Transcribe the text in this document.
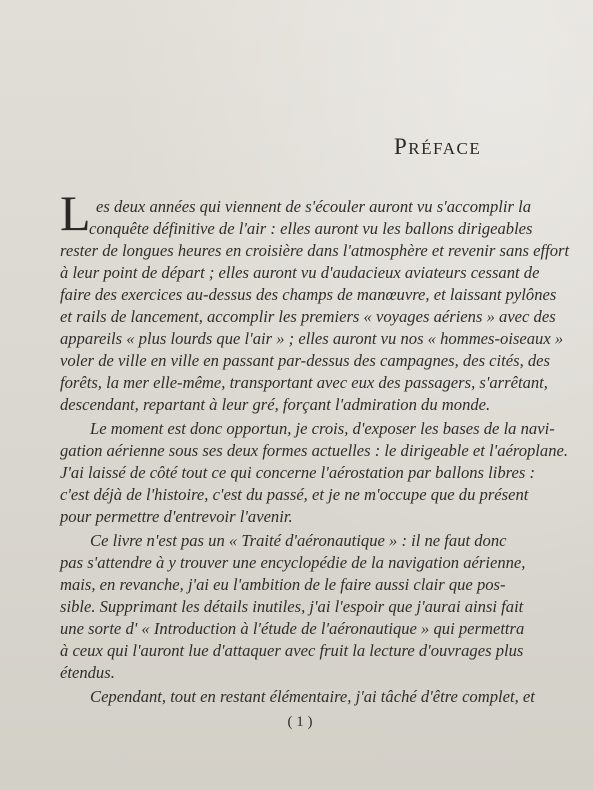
PRÉFACE
L es deux années qui viennent de s'écouler auront vu s'accomplir la
conquête définitive de l'air : elles auront vu les ballons dirigeables
rester de longues heures en croisière dans l'atmosphère et revenir sans effort
à leur point de départ ; elles auront vu d'audacieux aviateurs cessant de
faire des exercices au-dessus des champs de manœuvre, et laissant pylônes
et rails de lancement, accomplir les premiers « voyages aériens » avec des
appareils « plus lourds que l'air » ; elles auront vu nos « hommes-oiseaux »
voler de ville en ville en passant par-dessus des campagnes, des cités, des
forêts, la mer elle-même, transportant avec eux des passagers, s'arrêtant,
descendant, repartant à leur gré, forçant l'admiration du monde.
Le moment est donc opportun, je crois, d'exposer les bases de la navi-
gation aérienne sous ses deux formes actuelles : le dirigeable et l'aéroplane.
J'ai laissé de côté tout ce qui concerne l'aérostation par ballons libres :
c'est déjà de l'histoire, c'est du passé, et je ne m'occupe que du présent
pour permettre d'entrevoir l'avenir.
Ce livre n'est pas un « Traité d'aéronautique » : il ne faut donc
pas s'attendre à y trouver une encyclopédie de la navigation aérienne,
mais, en revanche, j'ai eu l'ambition de le faire aussi clair que pos-
sible. Supprimant les détails inutiles, j'ai l'espoir que j'aurai ainsi fait
une sorte d' « Introduction à l'étude de l'aéronautique » qui permettra
à ceux qui l'auront lue d'attaquer avec fruit la lecture d'ouvrages plus
étendus.
Cependant, tout en restant élémentaire, j'ai tâché d'être complet, et
( 1 )
